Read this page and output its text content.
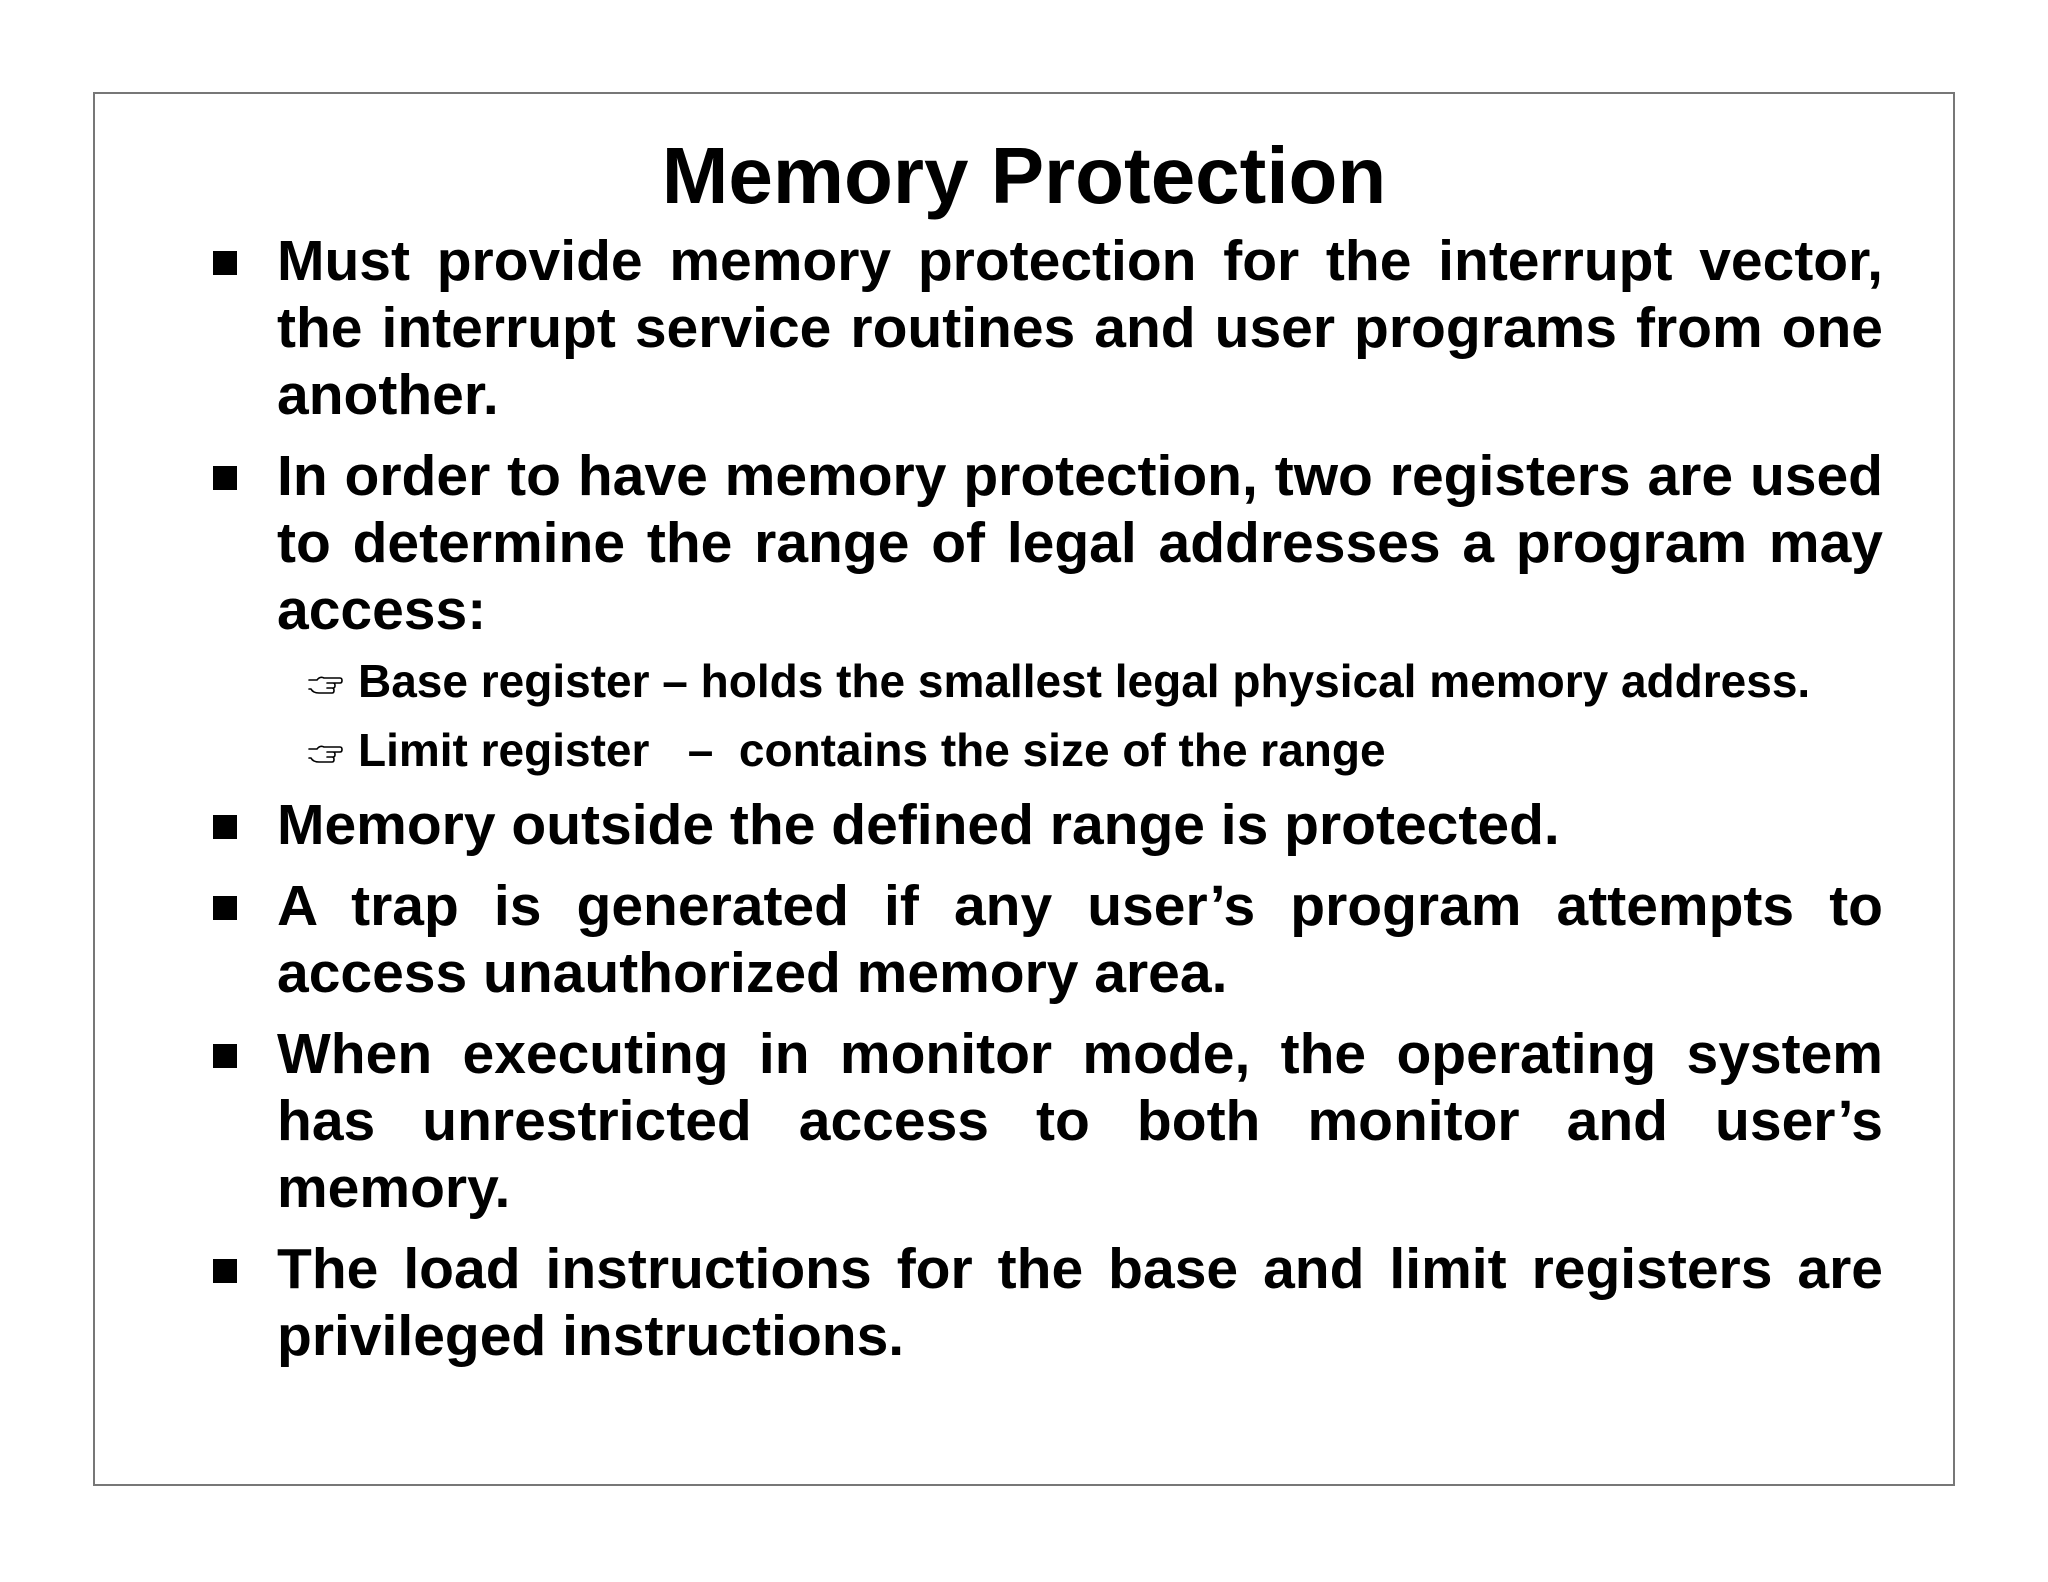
Memory Protection
Must provide memory protection for the interrupt vector, the interrupt service routines and user programs from one another.
In order to have memory protection, two registers are used to determine the range of legal addresses a program may access:
Base register – holds the smallest legal physical memory address.
Limit register   –  contains the size of the range
Memory outside the defined range is protected.
A trap is generated if any user’s program attempts to access unauthorized memory area.
When executing in monitor mode, the operating system has unrestricted access to both monitor and user’s memory.
The load instructions for the base and limit registers are privileged instructions.
